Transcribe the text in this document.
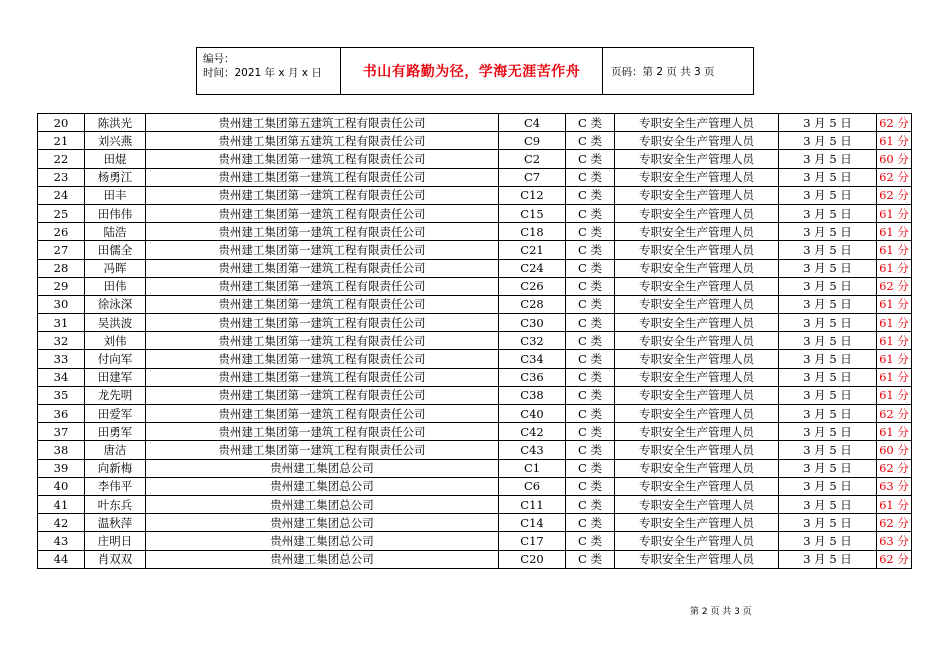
编号：
时间：2021 年 x 月 x 日	书山有路勤为径，学海无涯苦作舟	页码：第 2 页 共 3 页
20	陈洪光	贵州建工集团第五建筑工程有限责任公司	C4	C 类	专职安全生产管理人员	3 月 5 日	62 分
21	刘兴燕	贵州建工集团第五建筑工程有限责任公司	C9	C 类	专职安全生产管理人员	3 月 5 日	61 分
22	田焜	贵州建工集团第一建筑工程有限责任公司	C2	C 类	专职安全生产管理人员	3 月 5 日	60 分
23	杨勇江	贵州建工集团第一建筑工程有限责任公司	C7	C 类	专职安全生产管理人员	3 月 5 日	62 分
24	田丰	贵州建工集团第一建筑工程有限责任公司	C12	C 类	专职安全生产管理人员	3 月 5 日	62 分
25	田伟伟	贵州建工集团第一建筑工程有限责任公司	C15	C 类	专职安全生产管理人员	3 月 5 日	61 分
26	陆浩	贵州建工集团第一建筑工程有限责任公司	C18	C 类	专职安全生产管理人员	3 月 5 日	61 分
27	田儒全	贵州建工集团第一建筑工程有限责任公司	C21	C 类	专职安全生产管理人员	3 月 5 日	61 分
28	冯晖	贵州建工集团第一建筑工程有限责任公司	C24	C 类	专职安全生产管理人员	3 月 5 日	61 分
29	田伟	贵州建工集团第一建筑工程有限责任公司	C26	C 类	专职安全生产管理人员	3 月 5 日	62 分
30	徐泳深	贵州建工集团第一建筑工程有限责任公司	C28	C 类	专职安全生产管理人员	3 月 5 日	61 分
31	吴洪波	贵州建工集团第一建筑工程有限责任公司	C30	C 类	专职安全生产管理人员	3 月 5 日	61 分
32	刘伟	贵州建工集团第一建筑工程有限责任公司	C32	C 类	专职安全生产管理人员	3 月 5 日	61 分
33	付向军	贵州建工集团第一建筑工程有限责任公司	C34	C 类	专职安全生产管理人员	3 月 5 日	61 分
34	田建军	贵州建工集团第一建筑工程有限责任公司	C36	C 类	专职安全生产管理人员	3 月 5 日	61 分
35	龙先明	贵州建工集团第一建筑工程有限责任公司	C38	C 类	专职安全生产管理人员	3 月 5 日	61 分
36	田爱军	贵州建工集团第一建筑工程有限责任公司	C40	C 类	专职安全生产管理人员	3 月 5 日	62 分
37	田勇军	贵州建工集团第一建筑工程有限责任公司	C42	C 类	专职安全生产管理人员	3 月 5 日	61 分
38	唐洁	贵州建工集团第一建筑工程有限责任公司	C43	C 类	专职安全生产管理人员	3 月 5 日	60 分
39	向新梅	贵州建工集团总公司	C1	C 类	专职安全生产管理人员	3 月 5 日	62 分
40	李伟平	贵州建工集团总公司	C6	C 类	专职安全生产管理人员	3 月 5 日	63 分
41	叶东兵	贵州建工集团总公司	C11	C 类	专职安全生产管理人员	3 月 5 日	61 分
42	温秋萍	贵州建工集团总公司	C14	C 类	专职安全生产管理人员	3 月 5 日	62 分
43	庄明日	贵州建工集团总公司	C17	C 类	专职安全生产管理人员	3 月 5 日	63 分
44	肖双双	贵州建工集团总公司	C20	C 类	专职安全生产管理人员	3 月 5 日	62 分
第 2 页 共 3 页
